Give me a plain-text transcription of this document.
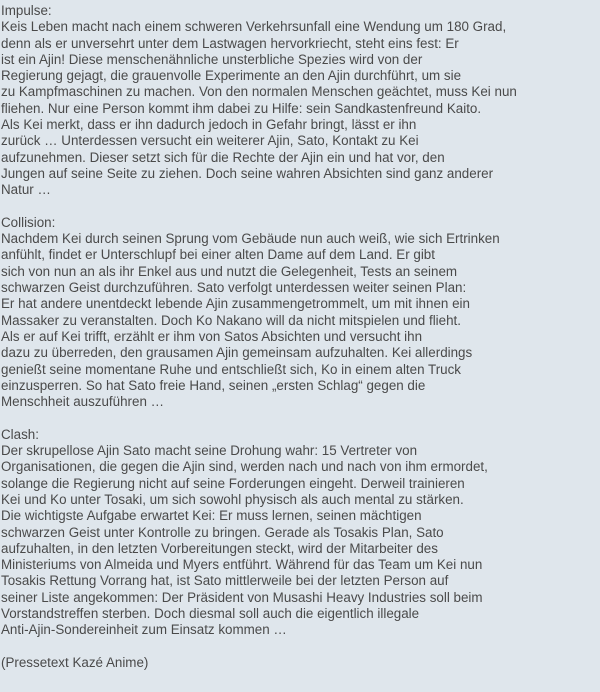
Impulse:
Keis Leben macht nach einem schweren Verkehrsunfall eine Wendung um 180 Grad,
denn als er unversehrt unter dem Lastwagen hervorkriecht, steht eins fest: Er
ist ein Ajin! Diese menschenähnliche unsterbliche Spezies wird von der
Regierung gejagt, die grauenvolle Experimente an den Ajin durchführt, um sie
zu Kampfmaschinen zu machen. Von den normalen Menschen geächtet, muss Kei nun
fliehen. Nur eine Person kommt ihm dabei zu Hilfe: sein Sandkastenfreund Kaito.
Als Kei merkt, dass er ihn dadurch jedoch in Gefahr bringt, lässt er ihn
zurück … Unterdessen versucht ein weiterer Ajin, Sato, Kontakt zu Kei
aufzunehmen. Dieser setzt sich für die Rechte der Ajin ein und hat vor, den
Jungen auf seine Seite zu ziehen. Doch seine wahren Absichten sind ganz anderer
Natur …
Collision:
Nachdem Kei durch seinen Sprung vom Gebäude nun auch weiß, wie sich Ertrinken
anfühlt, findet er Unterschlupf bei einer alten Dame auf dem Land. Er gibt
sich von nun an als ihr Enkel aus und nutzt die Gelegenheit, Tests an seinem
schwarzen Geist durchzuführen. Sato verfolgt unterdessen weiter seinen Plan:
Er hat andere unentdeckt lebende Ajin zusammengetrommelt, um mit ihnen ein
Massaker zu veranstalten. Doch Ko Nakano will da nicht mitspielen und flieht.
Als er auf Kei trifft, erzählt er ihm von Satos Absichten und versucht ihn
dazu zu überreden, den grausamen Ajin gemeinsam aufzuhalten. Kei allerdings
genießt seine momentane Ruhe und entschließt sich, Ko in einem alten Truck
einzusperren. So hat Sato freie Hand, seinen „ersten Schlag“ gegen die
Menschheit auszuführen …
Clash:
Der skrupellose Ajin Sato macht seine Drohung wahr: 15 Vertreter von
Organisationen, die gegen die Ajin sind, werden nach und nach von ihm ermordet,
solange die Regierung nicht auf seine Forderungen eingeht. Derweil trainieren
Kei und Ko unter Tosaki, um sich sowohl physisch als auch mental zu stärken.
Die wichtigste Aufgabe erwartet Kei: Er muss lernen, seinen mächtigen
schwarzen Geist unter Kontrolle zu bringen. Gerade als Tosakis Plan, Sato
aufzuhalten, in den letzten Vorbereitungen steckt, wird der Mitarbeiter des
Ministeriums von Almeida und Myers entführt. Während für das Team um Kei nun
Tosakis Rettung Vorrang hat, ist Sato mittlerweile bei der letzten Person auf
seiner Liste angekommen: Der Präsident von Musashi Heavy Industries soll beim
Vorstandstreffen sterben. Doch diesmal soll auch die eigentlich illegale
Anti-Ajin-Sondereinheit zum Einsatz kommen …
(Pressetext Kazé Anime)
